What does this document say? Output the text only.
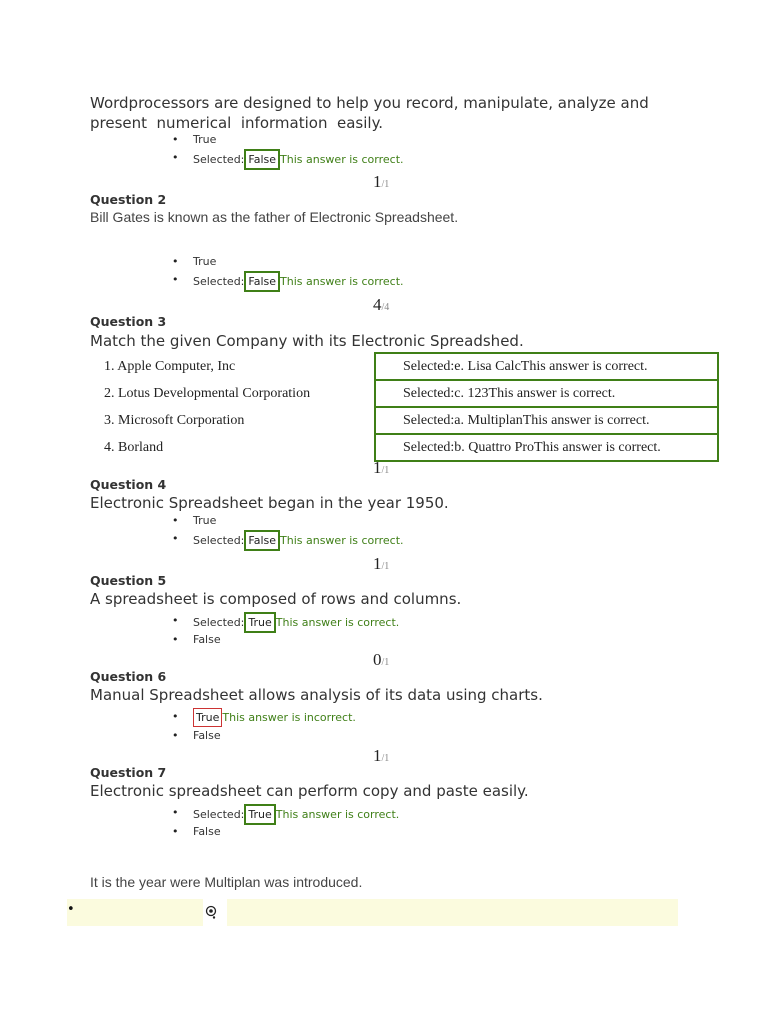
Wordprocessors are designed to help you record, manipulate, analyze and
present  numerical  information  easily.
• True
• Selected: False This answer is correct.
1/1
Question 2
Bill Gates is known as the father of Electronic Spreadsheet.
• True
• Selected: False This answer is correct.
4/4
Question 3
Match the given Company with its Electronic Spreadshed.
1. Apple Computer, Inc	Selected:e. Lisa CalcThis answer is correct.
2. Lotus Developmental Corporation	Selected:c. 123This answer is correct.
3. Microsoft Corporation	Selected:a. MultiplanThis answer is correct.
4. Borland	Selected:b. Quattro ProThis answer is correct.
1/1
Question 4
Electronic Spreadsheet began in the year 1950.
• True
• Selected: False This answer is correct.
1/1
Question 5
A spreadsheet is composed of rows and columns.
• Selected: True This answer is correct.
• False
0/1
Question 6
Manual Spreadsheet allows analysis of its data using charts.
• True This answer is incorrect.
• False
1/1
Question 7
Electronic spreadsheet can perform copy and paste easily.
• Selected: True This answer is correct.
• False
It is the year were Multiplan was introduced.
•
